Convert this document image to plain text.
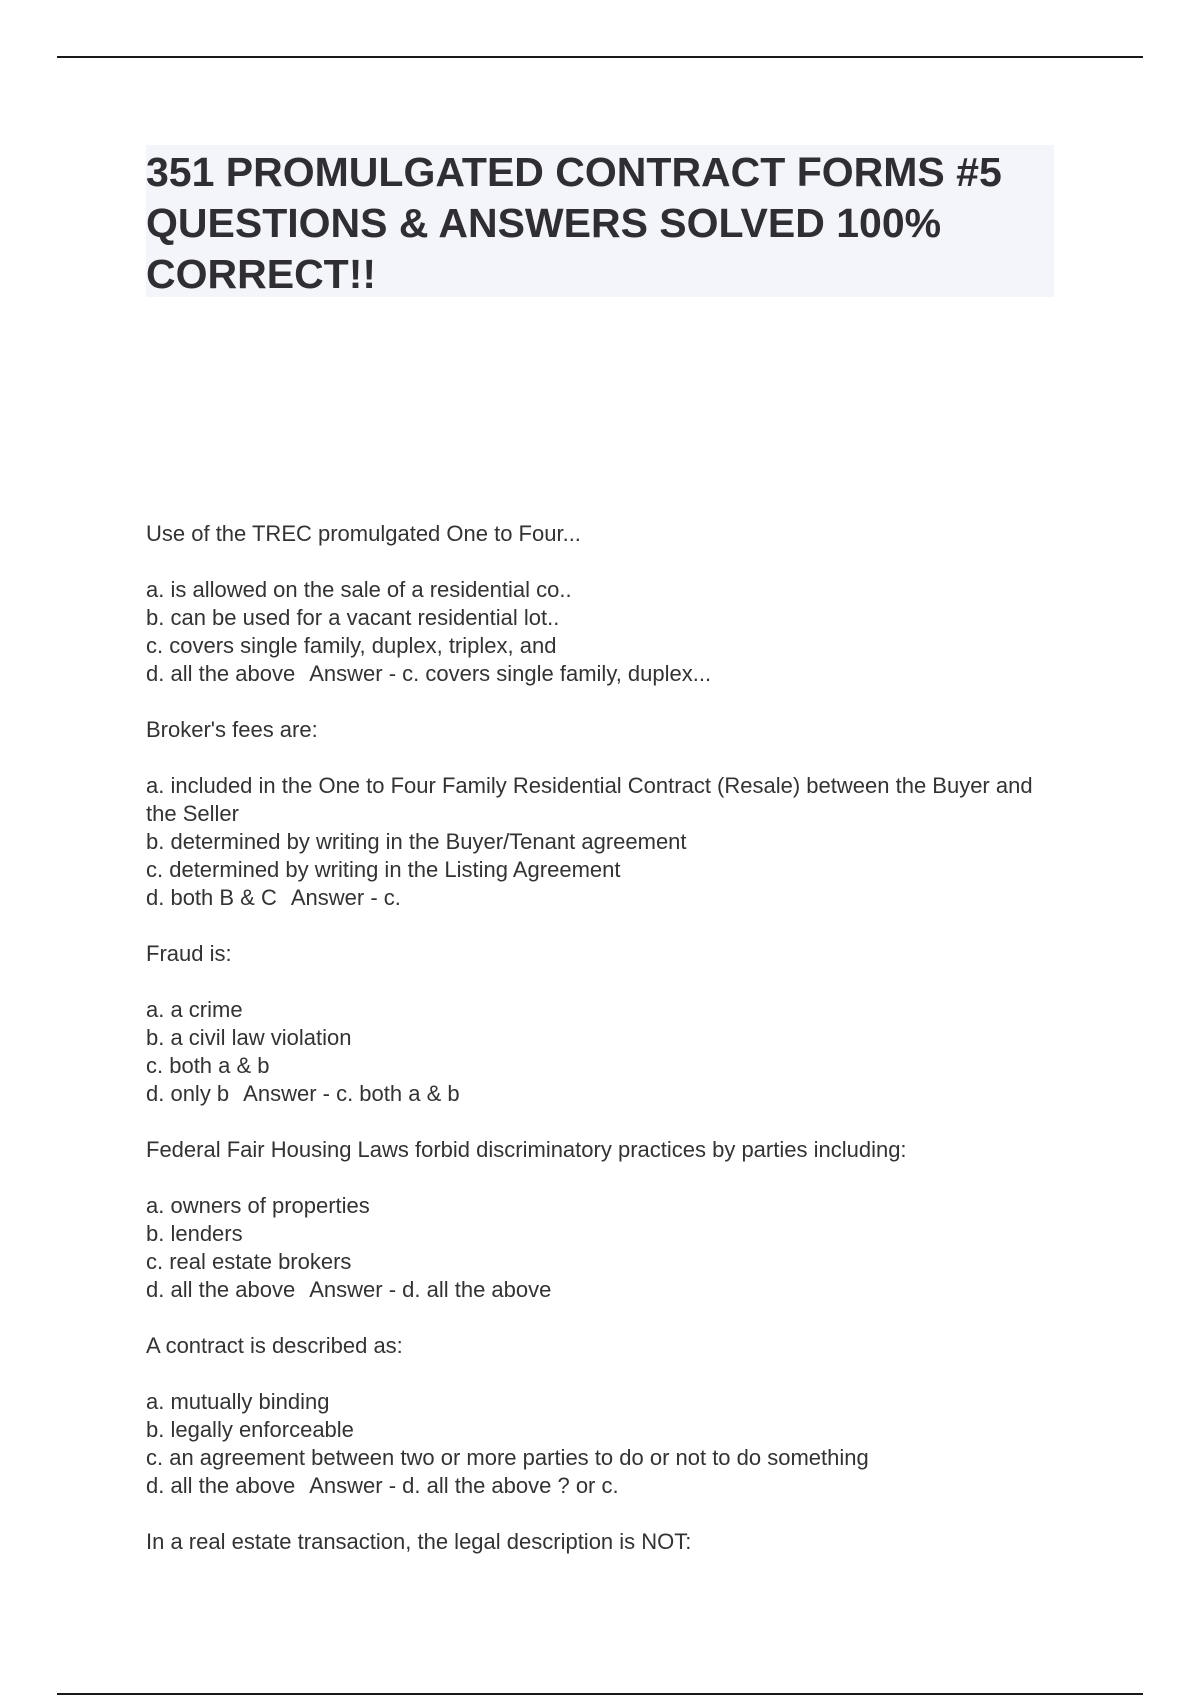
351 PROMULGATED CONTRACT FORMS #5 QUESTIONS & ANSWERS SOLVED 100% CORRECT!!

Use of the TREC promulgated One to Four...

a. is allowed on the sale of a residential co..

b. can be used for a vacant residential lot..

c. covers single family, duplex, triplex, and

d. all the above Answer - c. covers single family, duplex...

Broker's fees are:

a. included in the One to Four Family Residential Contract (Resale) between the Buyer and the Seller

b. determined by writing in the Buyer/Tenant agreement

c. determined by writing in the Listing Agreement

d. both B & C Answer - c.

Fraud is:

a. a crime

b. a civil law violation

c. both a & b

d. only b Answer - c. both a & b

Federal Fair Housing Laws forbid discriminatory practices by parties including:

a. owners of properties

b. lenders

c. real estate brokers

d. all the above Answer - d. all the above

A contract is described as:

a. mutually binding

b. legally enforceable

c. an agreement between two or more parties to do or not to do something

d. all the above Answer - d. all the above ? or c.

In a real estate transaction, the legal description is NOT:
